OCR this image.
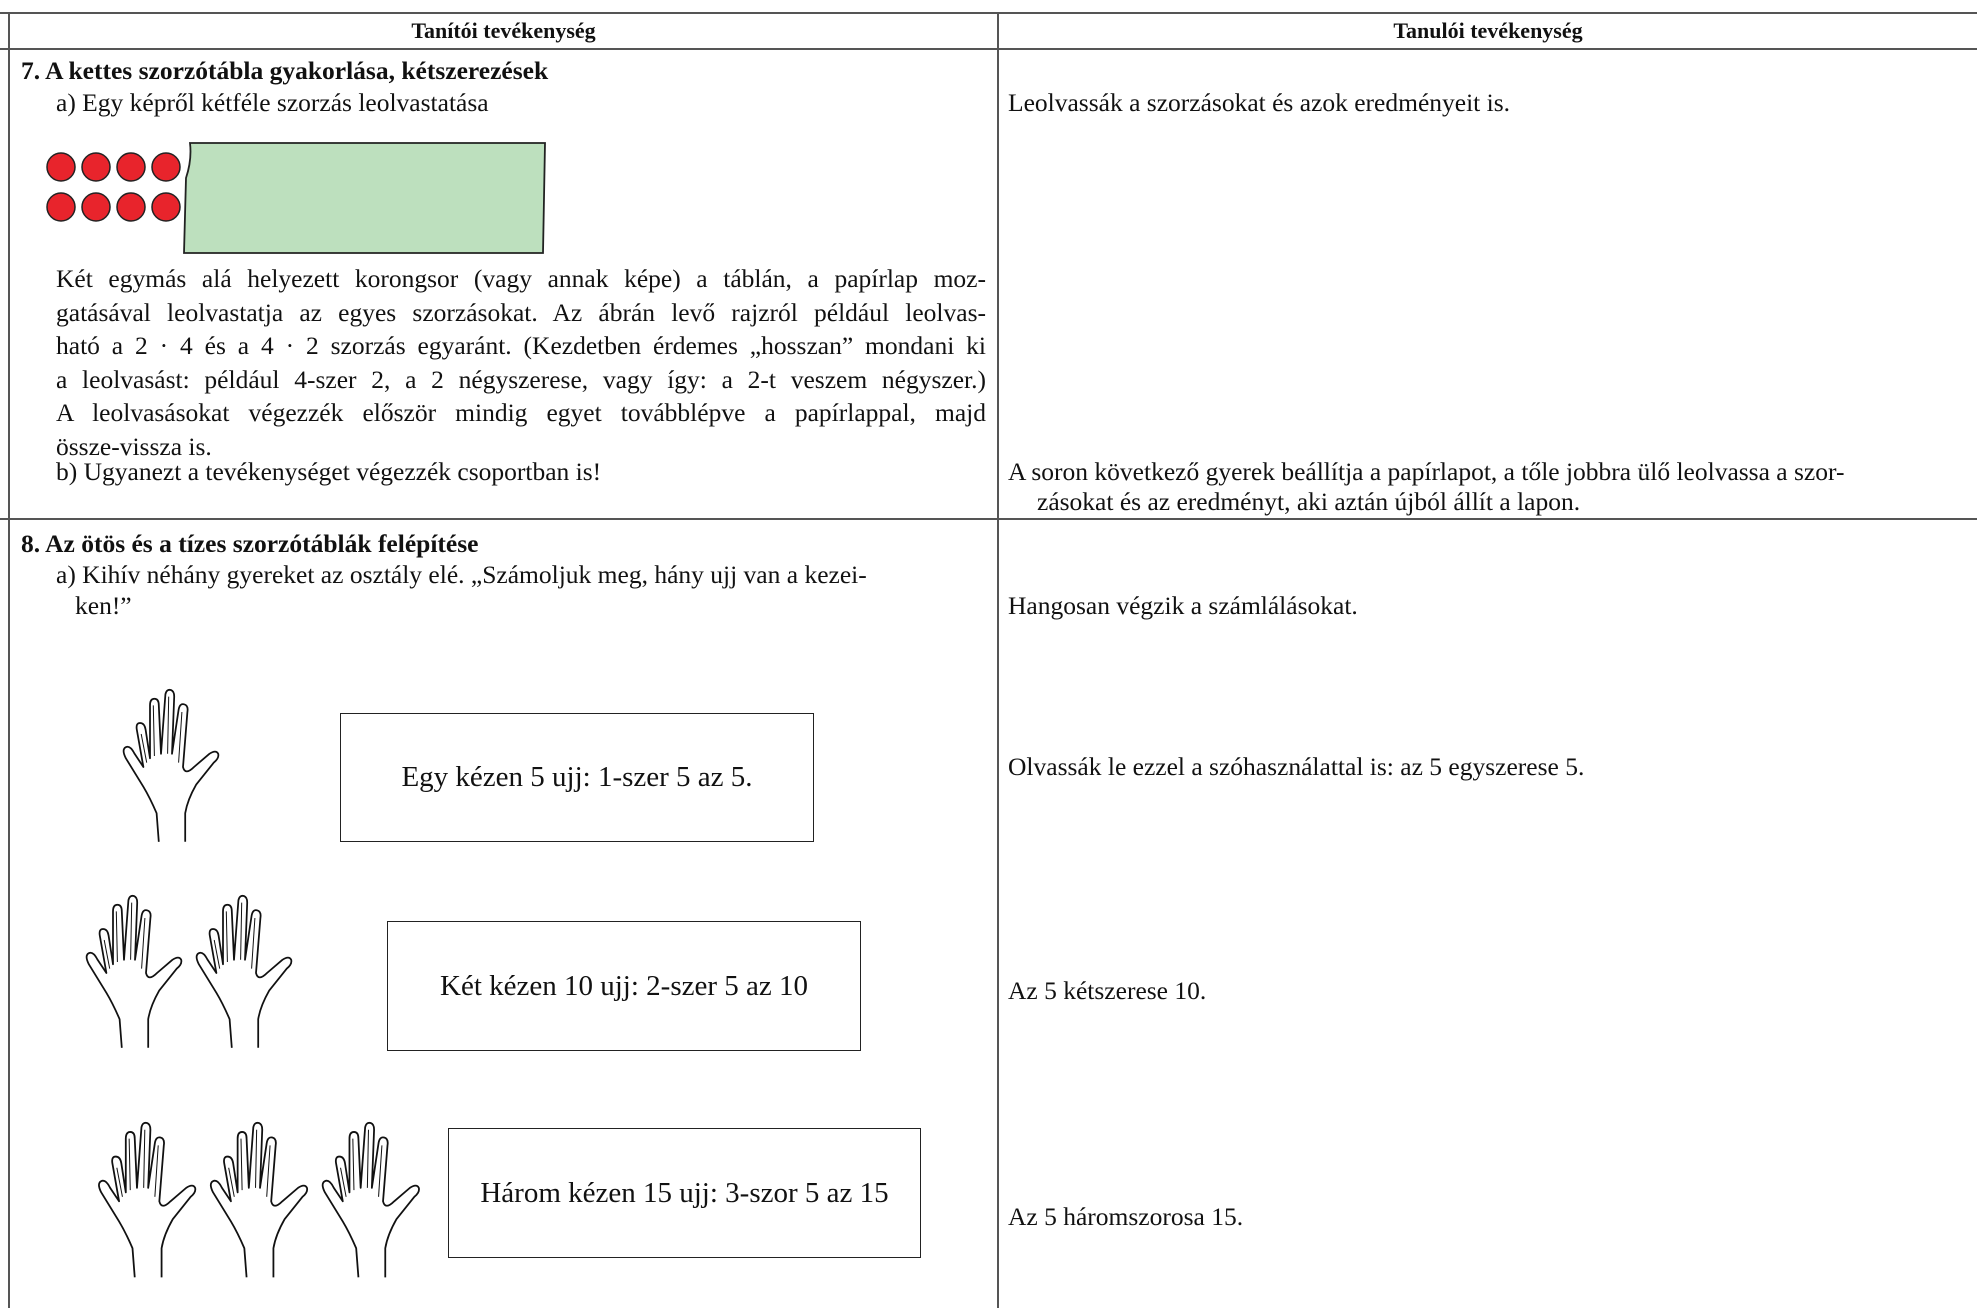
Tanítói tevékenység	Tanulói tevékenység
7. A kettes szorzótábla gyakorlása, kétszerezések
a) Egy képről kétféle szorzás leolvastatása
Két egymás alá helyezett korongsor (vagy annak képe) a táblán, a papírlap moz-
gatásával leolvastatja az egyes szorzásokat. Az ábrán levő rajzról például leolvas-
ható a 2 · 4 és a 4 · 2 szorzás egyaránt. (Kezdetben érdemes „hosszan” mondani ki
a leolvasást: például 4-szer 2, a 2 négyszerese, vagy így: a 2-t veszem négyszer.)
A leolvasásokat végezzék először mindig egyet továbblépve a papírlappal, majd
össze-vissza is.
b) Ugyanezt a tevékenységet végezzék csoportban is!
Leolvassák a szorzásokat és azok eredményeit is.
A soron következő gyerek beállítja a papírlapot, a tőle jobbra ülő leolvassa a szor-
zásokat és az eredményt, aki aztán újból állít a lapon.
8. Az ötös és a tízes szorzótáblák felépítése
a) Kihív néhány gyereket az osztály elé. „Számoljuk meg, hány ujj van a kezei-
ken!”
Egy kézen 5 ujj: 1-szer 5 az 5.
Két kézen 10 ujj: 2-szer 5 az 10
Három kézen 15 ujj: 3-szor 5 az 15
Hangosan végzik a számlálásokat.
Olvassák le ezzel a szóhasználattal is: az 5 egyszerese 5.
Az 5 kétszerese 10.
Az 5 háromszorosa 15.
